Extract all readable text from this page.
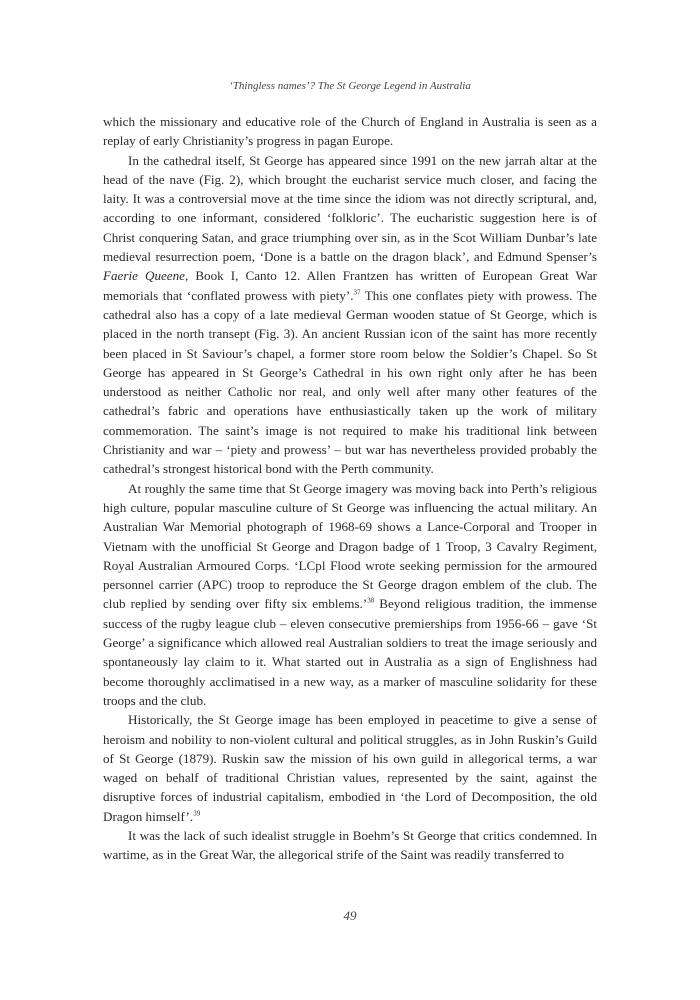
‘Thingless names’? The St George Legend in Australia

which the missionary and educative role of the Church of England in Australia is seen as a replay of early Christianity’s progress in pagan Europe.

In the cathedral itself, St George has appeared since 1991 on the new jarrah altar at the head of the nave (Fig. 2), which brought the eucharist service much closer, and facing the laity. It was a controversial move at the time since the idiom was not directly scriptural, and, according to one informant, considered ‘folkloric’. The eucharistic suggestion here is of Christ conquering Satan, and grace triumphing over sin, as in the Scot William Dunbar’s late medieval resurrection poem, ‘Done is a battle on the dragon black’, and Edmund Spenser’s Faerie Queene, Book I, Canto 12. Allen Frantzen has written of European Great War memorials that ‘conflated prowess with piety’.$^{37}$ This one conflates piety with prowess. The cathedral also has a copy of a late medieval German wooden statue of St George, which is placed in the north transept (Fig. 3). An ancient Russian icon of the saint has more recently been placed in St Saviour’s chapel, a former store room below the Soldier’s Chapel. So St George has appeared in St George’s Cathedral in his own right only after he has been understood as neither Catholic nor real, and only well after many other features of the cathedral’s fabric and operations have enthusiastically taken up the work of military commemoration. The saint’s image is not required to make his traditional link between Christianity and war – ‘piety and prowess’ – but war has nevertheless provided probably the cathedral’s strongest historical bond with the Perth community.

At roughly the same time that St George imagery was moving back into Perth’s religious high culture, popular masculine culture of St George was influencing the actual military. An Australian War Memorial photograph of 1968-69 shows a Lance-Corporal and Trooper in Vietnam with the unofficial St George and Dragon badge of 1 Troop, 3 Cavalry Regiment, Royal Australian Armoured Corps. ‘LCpl Flood wrote seeking permission for the armoured personnel carrier (APC) troop to reproduce the St George dragon emblem of the club. The club replied by sending over fifty six emblems.’$^{38}$ Beyond religious tradition, the immense success of the rugby league club – eleven consecutive premierships from 1956-66 – gave ‘St George’ a significance which allowed real Australian soldiers to treat the image seriously and spontaneously lay claim to it. What started out in Australia as a sign of Englishness had become thoroughly acclimatised in a new way, as a marker of masculine solidarity for these troops and the club.

Historically, the St George image has been employed in peacetime to give a sense of heroism and nobility to non-violent cultural and political struggles, as in John Ruskin’s Guild of St George (1879). Ruskin saw the mission of his own guild in allegorical terms, a war waged on behalf of traditional Christian values, represented by the saint, against the disruptive forces of industrial capitalism, embodied in ‘the Lord of Decomposition, the old Dragon himself’.$^{39}$

It was the lack of such idealist struggle in Boehm’s St George that critics condemned. In wartime, as in the Great War, the allegorical strife of the Saint was readily transferred to

49
